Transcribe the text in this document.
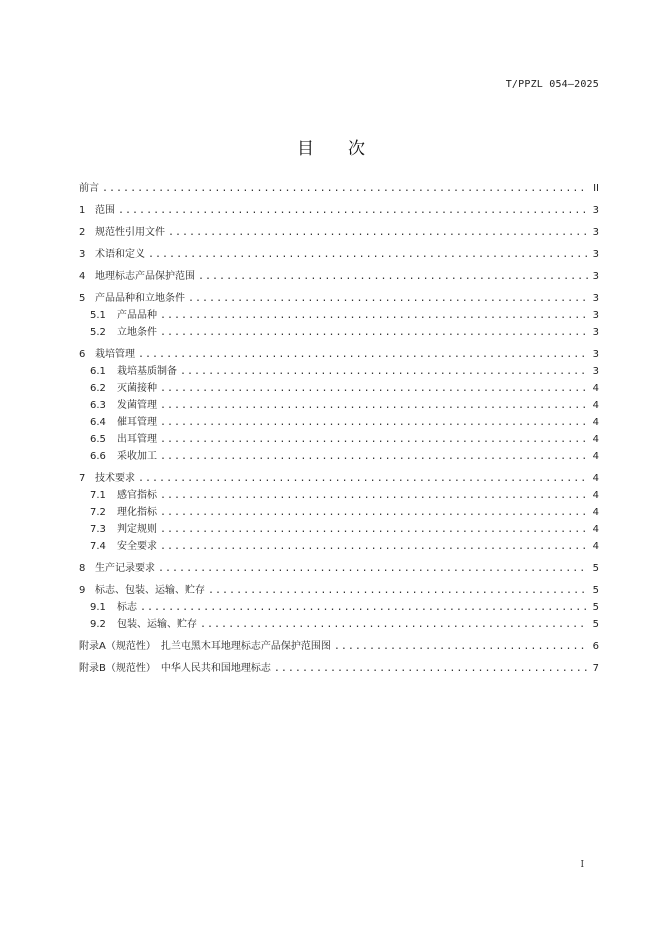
T/PPZL 054—2025
目次
前言 .....	II
1 范围 .....	3
2 规范性引用文件 .....	3
3 术语和定义 .....	3
4 地理标志产品保护范围 .....	3
5 产品品种和立地条件 .....	3
5.1	产品品种 .....	3
5.2	立地条件 .....	3
6 栽培管理 .....	3
6.1	栽培基质制备 .....	3
6.2	灭菌接种 .....	4
6.3	发菌管理 .....	4
6.4	催耳管理 .....	4
6.5	出耳管理 .....	4
6.6	采收加工 .....	4
7 技术要求 .....	4
7.1	感官指标 .....	4
7.2	理化指标 .....	4
7.3	判定规则 .....	4
7.4	安全要求 .....	4
8 生产记录要求 .....	5
9 标志、包装、运输、贮存 .....	5
9.1	标志 .....	5
9.2	包装、运输、贮存 .....	5
附录A（规范性）　扎兰屯黑木耳地理标志产品保护范围图 .....	6
附录B（规范性）　中华人民共和国地理标志 .....	7
I
